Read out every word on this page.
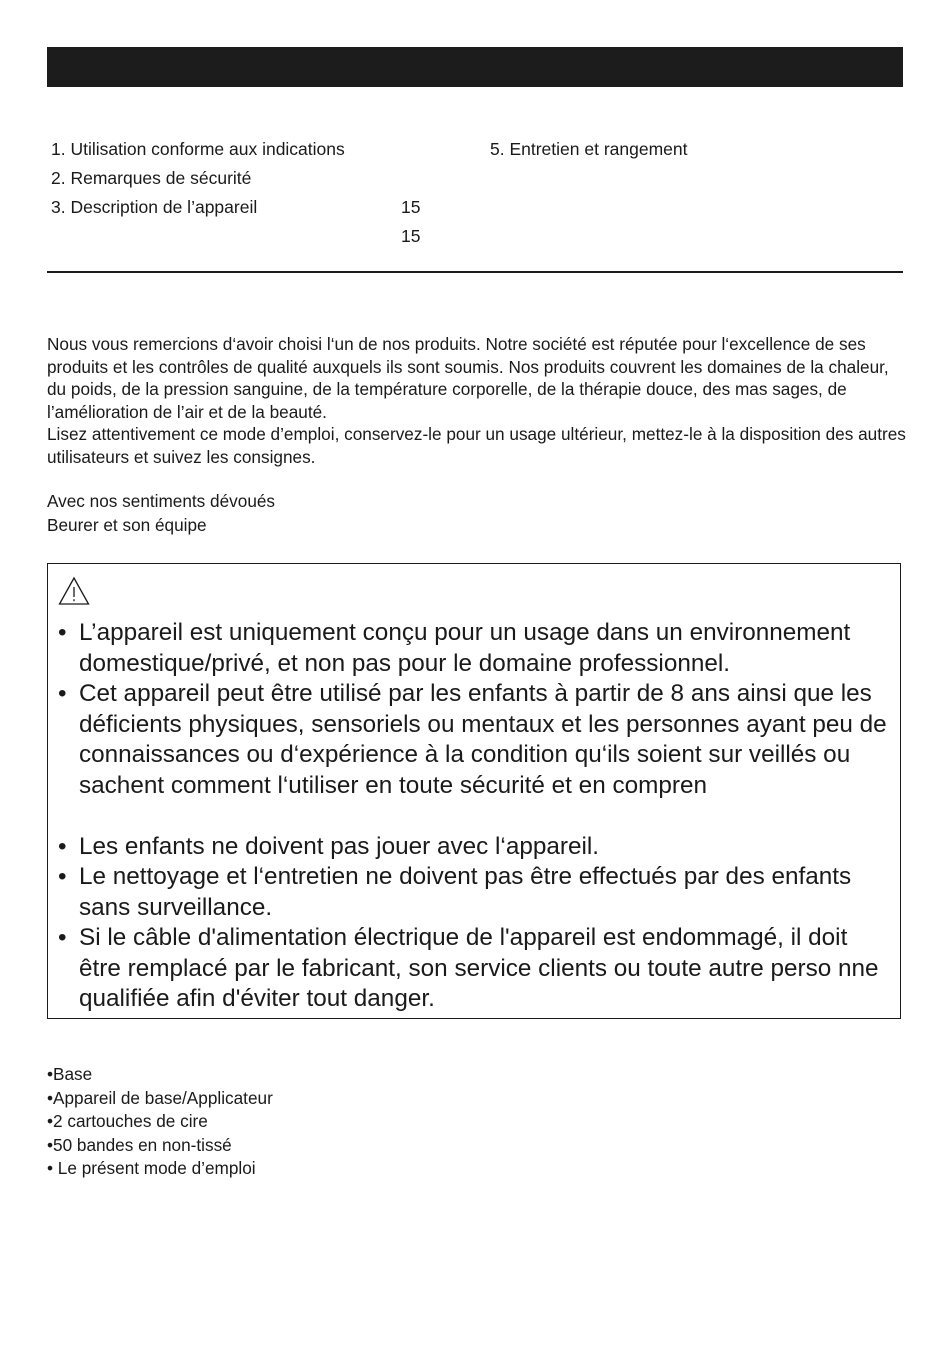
1. Utilisation conforme aux indications
2. Remarques de sécurité
3. Description de l’appareil	15
15
5. Entretien et rangement

Nous vous remercions d‘avoir choisi l‘un de nos produits. Notre société est réputée pour l‘excellence de ses produits et les contrôles de qualité auxquels ils sont soumis. Nos produits couvrent les domaines de la chaleur, du poids, de la pression sanguine, de la température corporelle, de la thérapie douce, des mas sages, de l’amélioration de l’air et de la beauté.

Lisez attentivement ce mode d’emploi, conservez-le pour un usage ultérieur, mettez-le à la disposition des autres utilisateurs et suivez les consignes.

Avec nos sentiments dévoués
Beurer et son équipe
• L’appareil est uniquement conçu pour un usage dans un environnement domestique/privé, et non pas pour le domaine professionnel.
• Cet appareil peut être utilisé par les enfants à partir de 8 ans ainsi que les déficients physiques, sensoriels ou mentaux et les personnes ayant peu de connaissances ou d‘expérience à la condition qu‘ils soient sur veillés ou sachent comment l‘utiliser en toute sécurité et en compren
• Les enfants ne doivent pas jouer avec l‘appareil.
• Le nettoyage et l‘entretien ne doivent pas être effectués par des enfants sans surveillance.
• Si le câble d'alimentation électrique de l'appareil est endommagé, il doit être remplacé par le fabricant, son service clients ou toute autre perso nne qualifiée afin d'éviter tout danger.
• Base
• Appareil de base/Applicateur
• 2 cartouches de cire
• 50 bandes en non-tissé
• Le présent mode d’emploi
